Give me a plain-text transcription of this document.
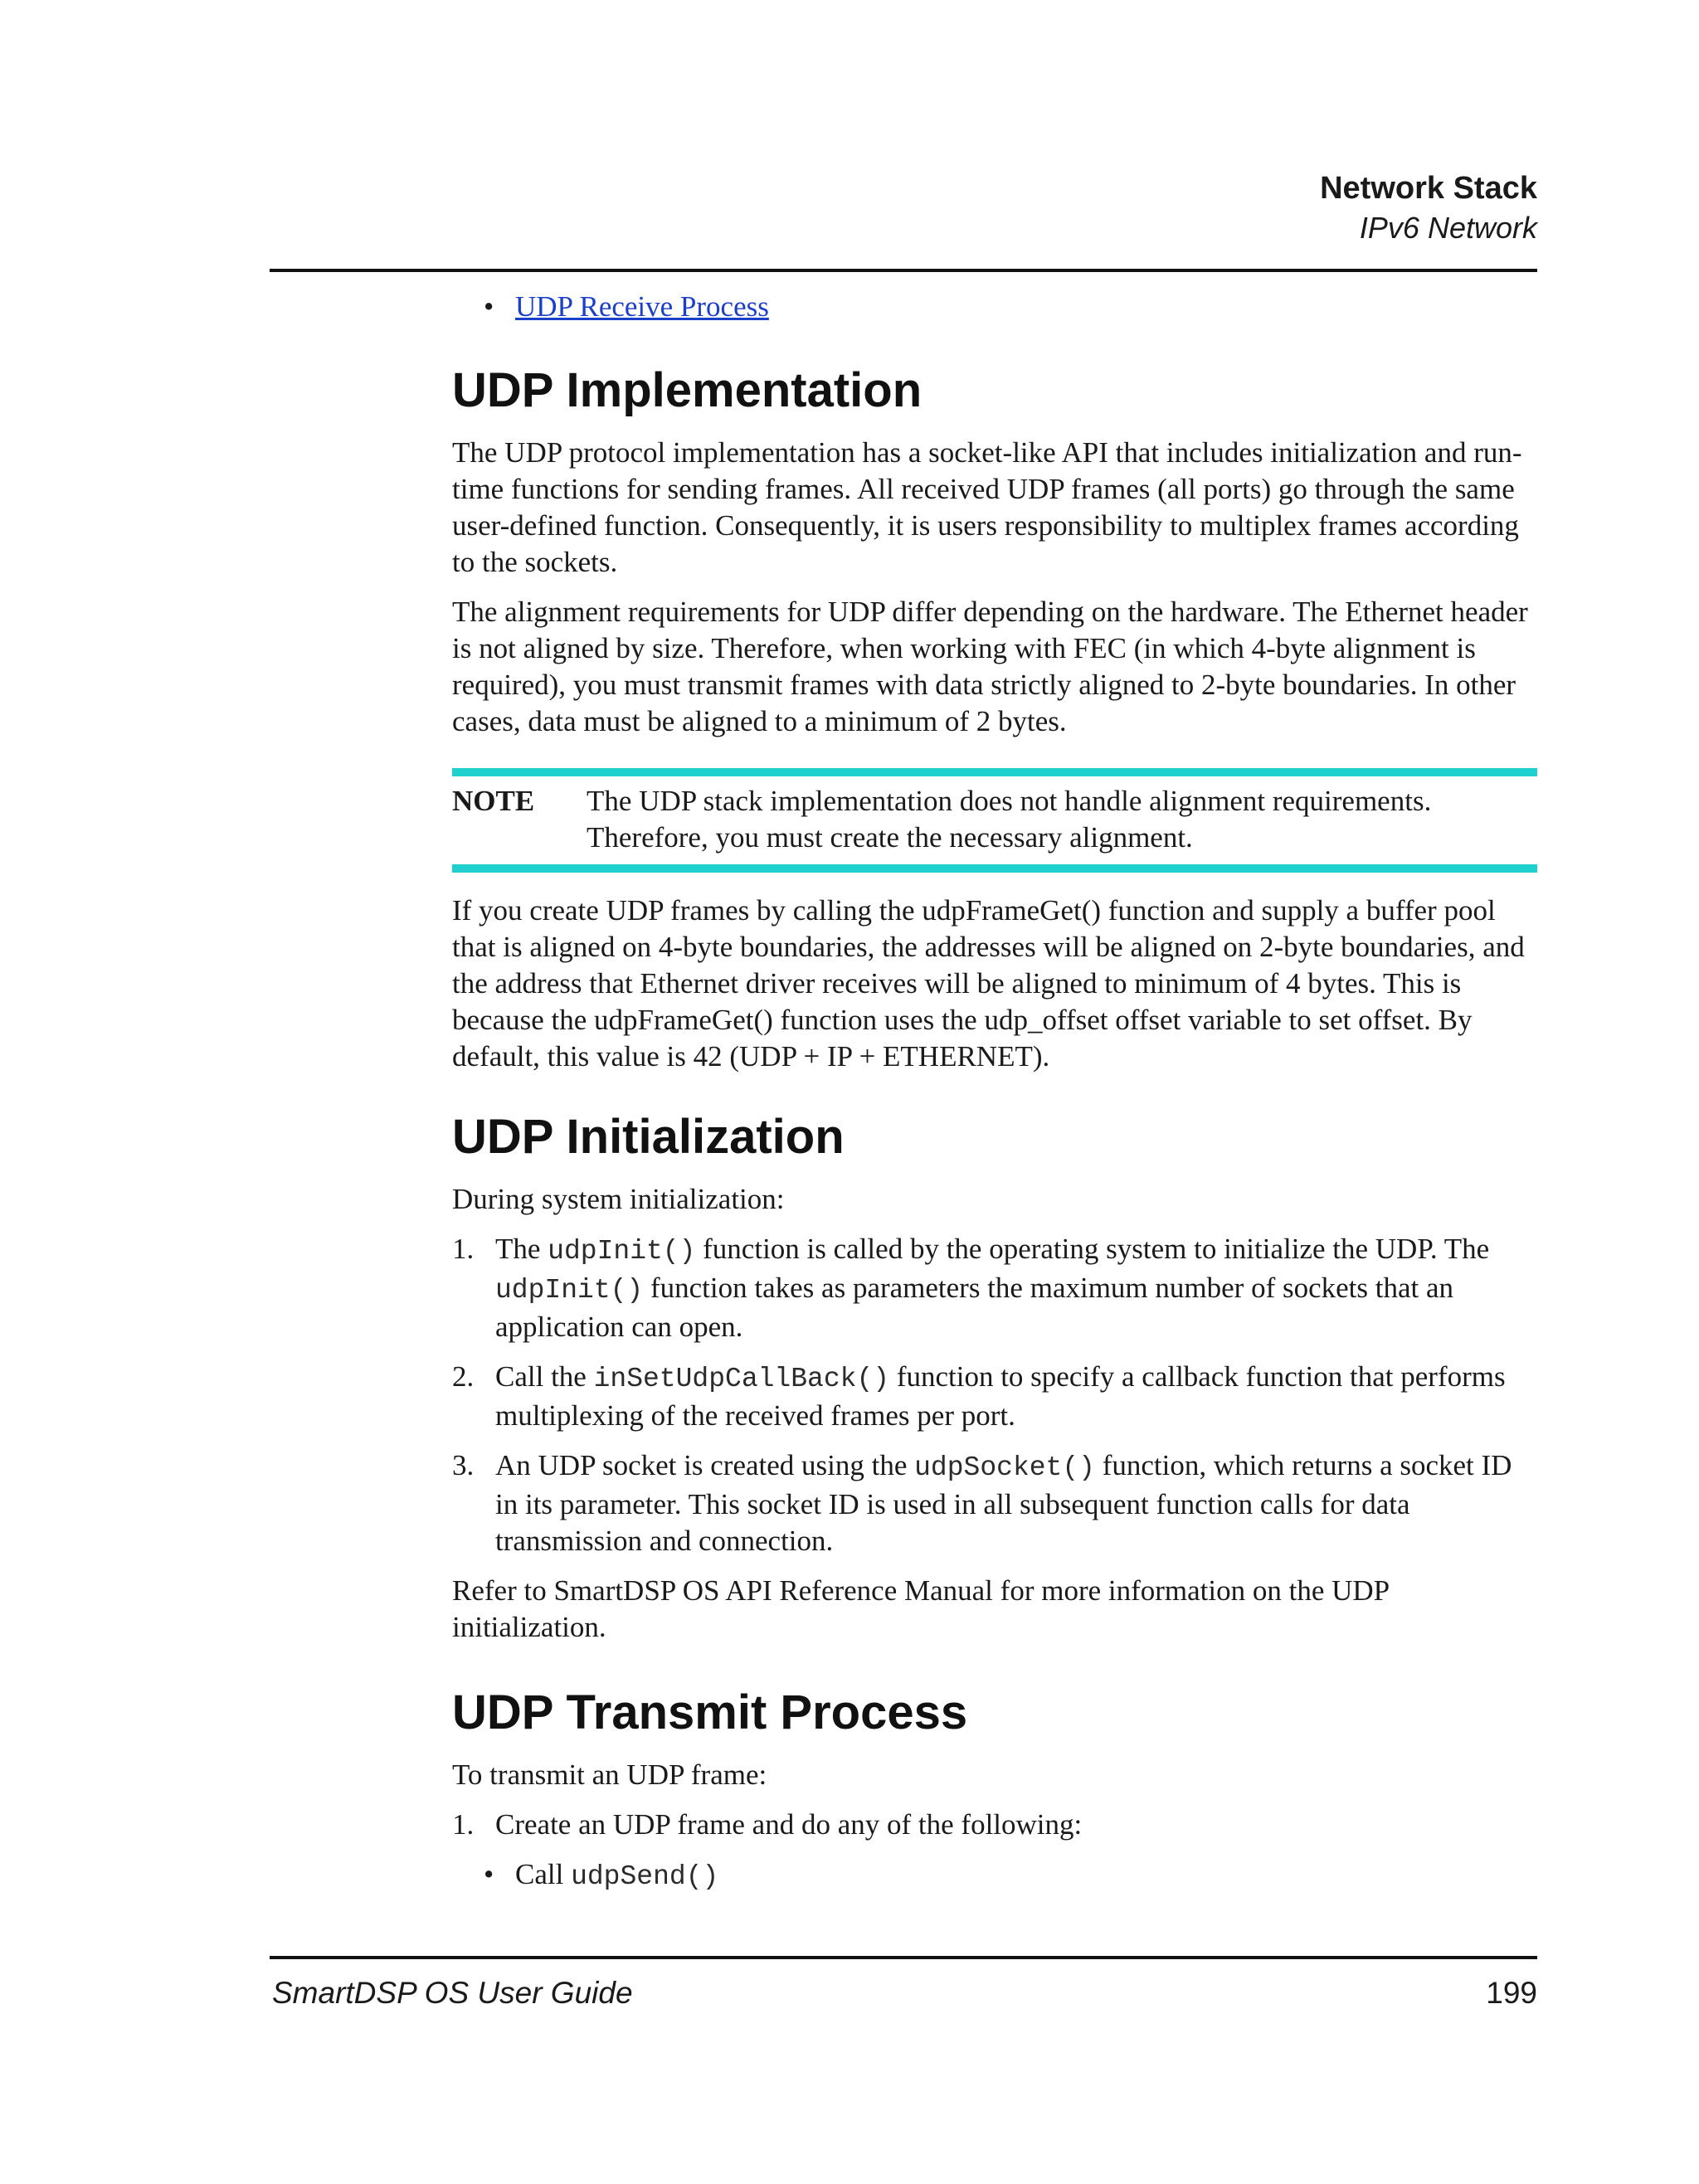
Network Stack
IPv6 Network
• UDP Receive Process
UDP Implementation

The UDP protocol implementation has a socket-like API that includes initialization and run-time functions for sending frames. All received UDP frames (all ports) go through the same user-defined function. Consequently, it is users responsibility to multiplex frames according to the sockets.

The alignment requirements for UDP differ depending on the hardware. The Ethernet header is not aligned by size. Therefore, when working with FEC (in which 4-byte alignment is required), you must transmit frames with data strictly aligned to 2-byte boundaries. In other cases, data must be aligned to a minimum of 2 bytes.

NOTE The UDP stack implementation does not handle alignment requirements. Therefore, you must create the necessary alignment.

If you create UDP frames by calling the udpFrameGet() function and supply a buffer pool that is aligned on 4-byte boundaries, the addresses will be aligned on 2-byte boundaries, and the address that Ethernet driver receives will be aligned to minimum of 4 bytes. This is because the udpFrameGet() function uses the udp_offset offset variable to set offset. By default, this value is 42 (UDP + IP + ETHERNET).

UDP Initialization

During system initialization:

1. The udpInit() function is called by the operating system to initialize the UDP. The udpInit() function takes as parameters the maximum number of sockets that an application can open.
2. Call the inSetUdpCallBack() function to specify a callback function that performs multiplexing of the received frames per port.
3. An UDP socket is created using the udpSocket() function, which returns a socket ID in its parameter. This socket ID is used in all subsequent function calls for data transmission and connection.

Refer to SmartDSP OS API Reference Manual for more information on the UDP initialization.

UDP Transmit Process

To transmit an UDP frame:

1. Create an UDP frame and do any of the following:
• Call udpSend()
SmartDSP OS User Guide	199
